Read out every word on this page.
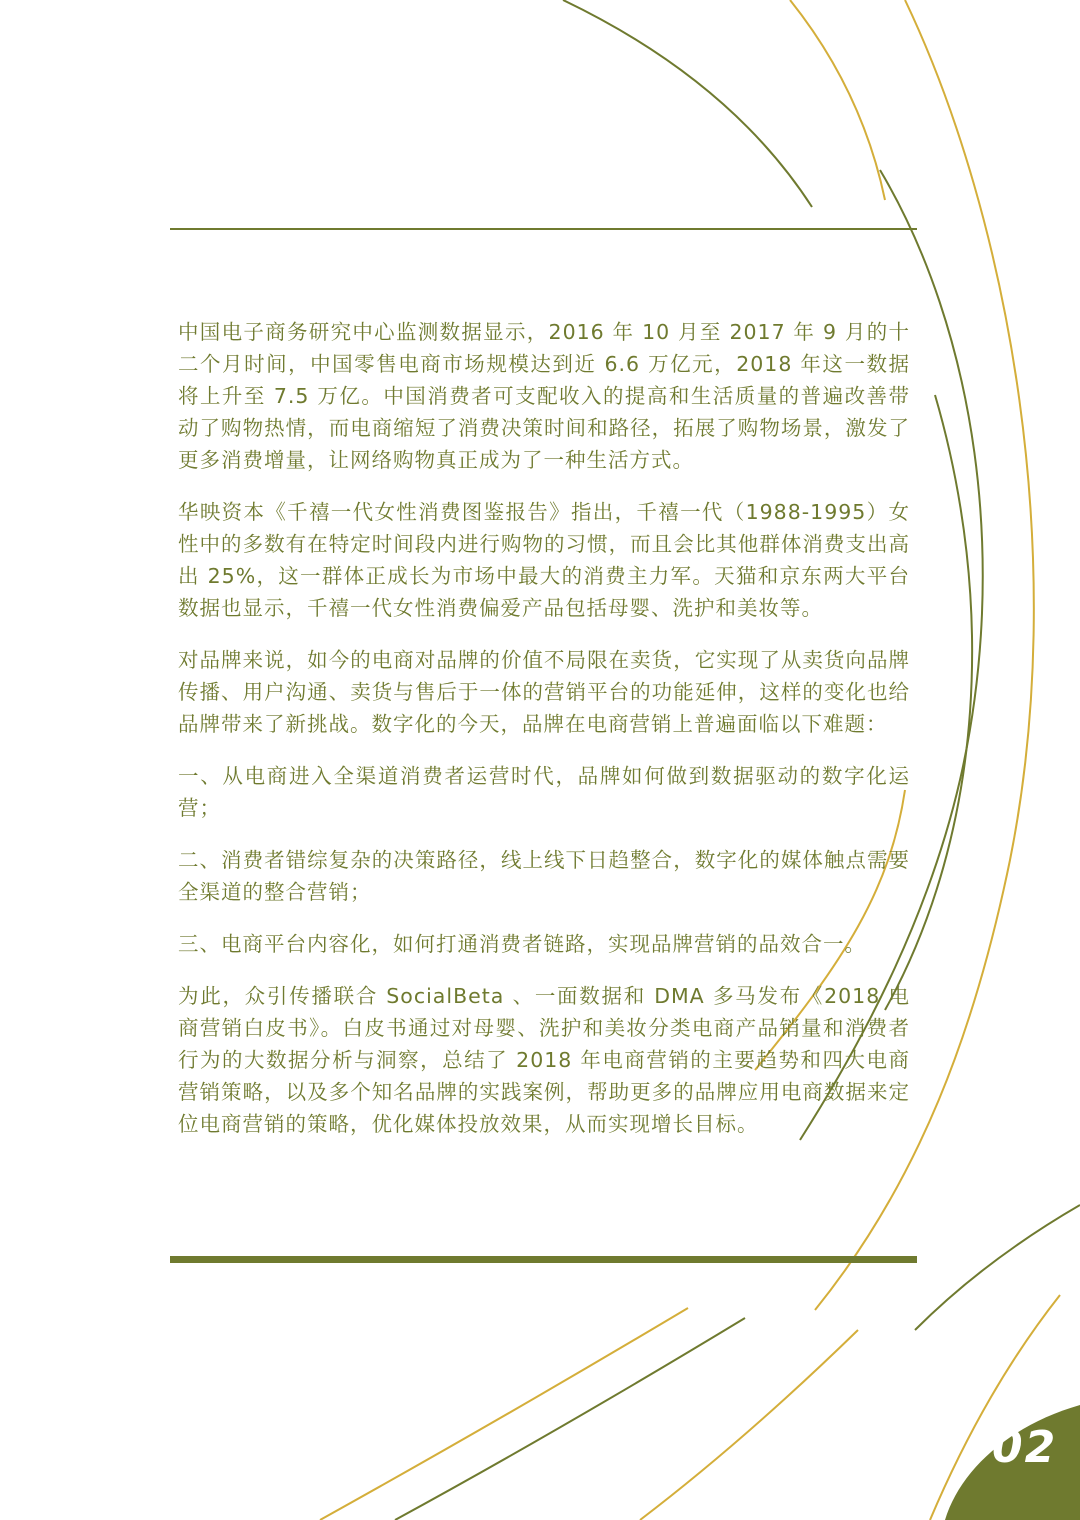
中国电子商务研究中心监测数据显示，2016 年 10 月至 2017 年 9 月的十二个月时间，中国零售电商市场规模达到近 6.6 万亿元，2018 年这一数据将上升至 7.5 万亿。中国消费者可支配收入的提高和生活质量的普遍改善带动了购物热情，而电商缩短了消费决策时间和路径，拓展了购物场景，激发了更多消费增量，让网络购物真正成为了一种生活方式。

华映资本《千禧一代女性消费图鉴报告》指出，千禧一代（1988-1995）女性中的多数有在特定时间段内进行购物的习惯，而且会比其他群体消费支出高出 25%，这一群体正成长为市场中最大的消费主力军。天猫和京东两大平台数据也显示，千禧一代女性消费偏爱产品包括母婴、洗护和美妆等。

对品牌来说，如今的电商对品牌的价值不局限在卖货，它实现了从卖货向品牌传播、用户沟通、卖货与售后于一体的营销平台的功能延伸，这样的变化也给品牌带来了新挑战。数字化的今天，品牌在电商营销上普遍面临以下难题：

一、从电商进入全渠道消费者运营时代，品牌如何做到数据驱动的数字化运营；

二、消费者错综复杂的决策路径，线上线下日趋整合，数字化的媒体触点需要全渠道的整合营销；

三、电商平台内容化，如何打通消费者链路，实现品牌营销的品效合一。

为此，众引传播联合 SocialBeta 、一面数据和 DMA 多马发布《2018 电商营销白皮书》。白皮书通过对母婴、洗护和美妆分类电商产品销量和消费者行为的大数据分析与洞察，总结了 2018 年电商营销的主要趋势和四大电商营销策略，以及多个知名品牌的实践案例，帮助更多的品牌应用电商数据来定位电商营销的策略，优化媒体投放效果，从而实现增长目标。

02
